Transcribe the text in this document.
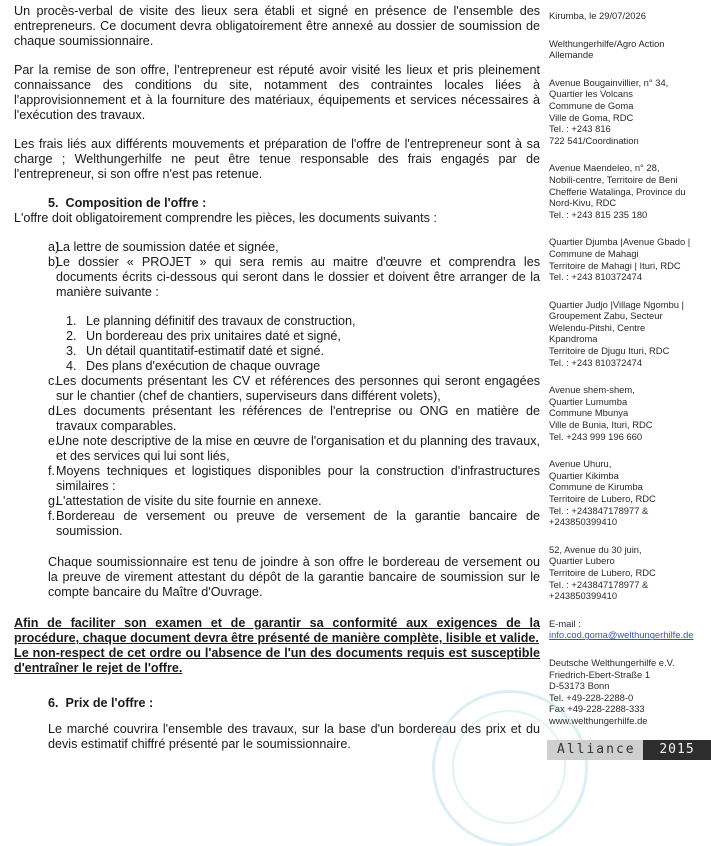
Un procès-verbal de visite des lieux sera établi et signé en présence de l'ensemble des entrepreneurs. Ce document devra obligatoirement être annexé au dossier de soumission de chaque soumissionnaire.

Par la remise de son offre, l'entrepreneur est réputé avoir visité les lieux et pris pleinement connaissance des conditions du site, notamment des contraintes locales liées à l'approvisionnement et à la fourniture des matériaux, équipements et services nécessaires à l'exécution des travaux.

Les frais liés aux différents mouvements et préparation de l'offre de l'entrepreneur sont à sa charge ; Welthungerhilfe ne peut être tenue responsable des frais engagés par de l'entrepreneur, si son offre n'est pas retenue.

5. Composition de l'offre :

L'offre doit obligatoirement comprendre les pièces, les documents suivants :

a)
La lettre de soumission datée et signée,
b)
Le dossier « PROJET » qui sera remis au maitre d'œuvre et comprendra les documents écrits ci-dessous qui seront dans le dossier et doivent être arranger de la manière suivante :
1. Le planning définitif des travaux de construction,
2. Un bordereau des prix unitaires daté et signé,
3. Un détail quantitatif-estimatif daté et signé.
4. Des plans d'exécution de chaque ouvrage
c.
Les documents présentant les CV et références des personnes qui seront engagées sur le chantier (chef de chantiers, superviseurs dans différent volets),
d.
Les documents présentant les références de l'entreprise ou ONG en matière de travaux comparables.
e.
Une note descriptive de la mise en œuvre de l'organisation et du planning des travaux, et des services qui lui sont liés,
f. Moyens techniques et logistiques disponibles pour la construction d'infrastructures similaires :
g.
L'attestation de visite du site fournie en annexe.
f. Bordereau de versement ou preuve de versement de la garantie bancaire de soumission.

Chaque soumissionnaire est tenu de joindre à son offre le bordereau de versement ou la preuve de virement attestant du dépôt de la garantie bancaire de soumission sur le compte bancaire du Maître d'Ouvrage.

Afin de faciliter son examen et de garantir sa conformité aux exigences de la procédure, chaque document devra être présenté de manière complète, lisible et valide.

Le non-respect de cet ordre ou l'absence de l'un des documents requis est susceptible d'entraîner le rejet de l'offre.

6. Prix de l'offre :

Le marché couvrira l'ensemble des travaux, sur la base d'un bordereau des prix et du devis estimatif chiffré présenté par le soumissionnaire.

Kirumba, le 29/07/2026
Welthungerhilfe/Agro Action
Allemande
Avenue Bougainvillier, n° 34,
Quartier les Volcans
Commune de Goma
Ville de Goma, RDC
Tel. : +243 816
722 541/Coordination
Avenue Maendeleo, n° 28,
Nobili-centre, Territoire de Beni
Chefferie Watalinga, Province du
Nord-Kivu, RDC
Tel. : +243 815 235 180
Quartier Djumba |Avenue Gbado |
Commune de Mahagi
Territoire de Mahagi | Ituri, RDC
Tel. : +243 810372474
Quartier Judjo |Village Ngombu |
Groupement Zabu, Secteur
Welendu-Pitshi, Centre
Kpandroma
Territoire de Djugu Ituri, RDC
Tel. : +243 810372474
Avenue shem-shem,
Quartier Lumumba
Commune Mbunya
Ville de Bunia, Ituri, RDC
Tel. +243 999 196 660
Avenue Uhuru,
Quartier Kikimba
Commune de Kirumba
Territoire de Lubero, RDC
Tel. : +243847178977 &
+243850399410
52, Avenue du 30 juin,
Quartier Lubero
Territoire de Lubero, RDC
Tel. : +243847178977 &
+243850399410
E-mail :
info.cod.goma@welthungerhilfe.de
Deutsche Welthungerhilfe e.V.
Friedrich-Ebert-Straße 1
D-53173 Bonn
Tel. +49-228-2288-0
Fax +49-228-2288-333
www.welthungerhilfe.de
Alliance	2015
